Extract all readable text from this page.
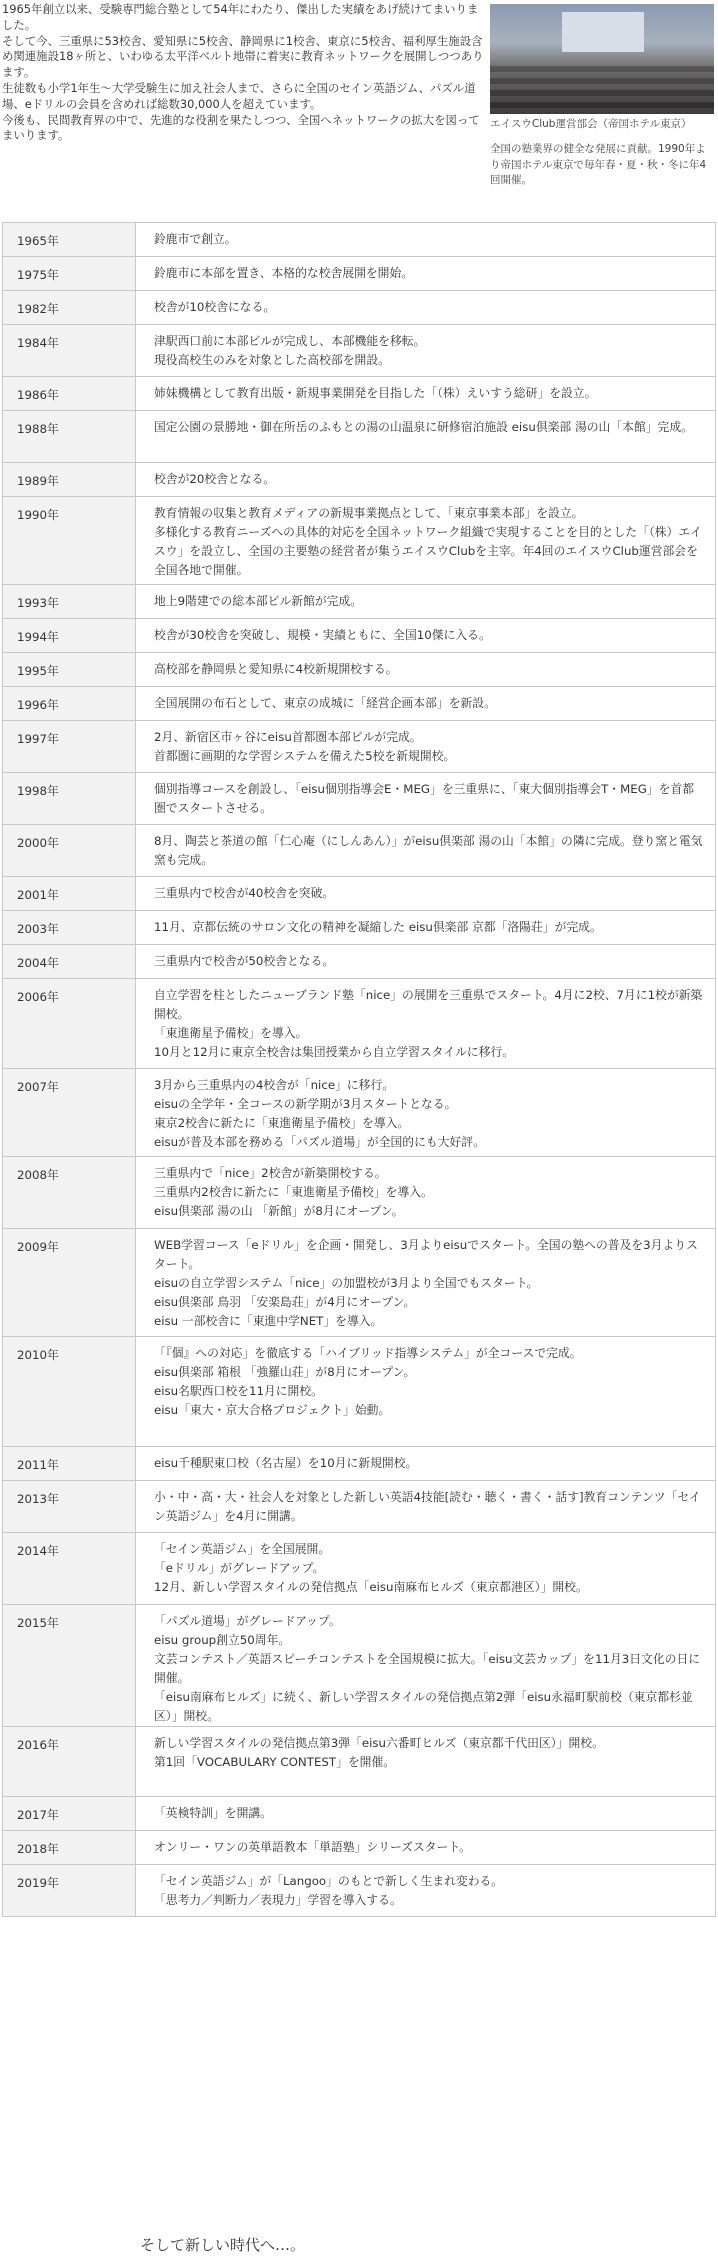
1965年創立以来、受験専門総合塾として54年にわたり、傑出した実績をあげ続けてまいりました。

そして今、三重県に53校舎、愛知県に5校舎、静岡県に1校舎、東京に5校舎、福利厚生施設含め関連施設18ヶ所と、いわゆる太平洋ベルト地帯に着実に教育ネットワークを展開しつつあります。

生徒数も小学1年生～大学受験生に加え社会人まで、さらに全国のセイン英語ジム、パズル道場、eドリルの会員を含めれば総数30,000人を超えています。

今後も、民間教育界の中で、先進的な役割を果たしつつ、全国へネットワークの拡大を図ってまいります。

エイスウClub運営部会（帝国ホテル東京）
全国の塾業界の健全な発展に貢献。1990年より帝国ホテル東京で毎年春・夏・秋・冬に年4回開催。
1965年	鈴鹿市で創立。

1975年	鈴鹿市に本部を置き、本格的な校舎展開を開始。

1982年	校舎が10校舎になる。

1984年	津駅西口前に本部ビルが完成し、本部機能を移転。
現役高校生のみを対象とした高校部を開設。

1986年	姉妹機構として教育出版・新規事業開発を目指した「（株）えいすう総研」を設立。

1988年	国定公園の景勝地・御在所岳のふもとの湯の山温泉に研修宿泊施設 eisu倶楽部 湯の山「本館」完成。

1989年	校舎が20校舎となる。

1990年	教育情報の収集と教育メディアの新規事業拠点として、「東京事業本部」を設立。
多様化する教育ニーズへの具体的対応を全国ネットワーク組織で実現することを目的とした「（株）エイスウ」を設立し、全国の主要塾の経営者が集うエイスウClubを主宰。年4回のエイスウClub運営部会を全国各地で開催。

1993年	地上9階建での総本部ビル新館が完成。

1994年	校舎が30校舎を突破し、規模・実績ともに、全国10傑に入る。

1995年	高校部を静岡県と愛知県に4校新規開校する。

1996年	全国展開の布石として、東京の成城に「経営企画本部」を新設。

1997年	2月、新宿区市ヶ谷にeisu首都圏本部ビルが完成。
首都圏に画期的な学習システムを備えた5校を新規開校。

1998年	個別指導コースを創設し、「eisu個別指導会E・MEG」を三重県に、「東大個別指導会T・MEG」を首都圏でスタートさせる。

2000年	8月、陶芸と茶道の館「仁心庵（にしんあん）」がeisu倶楽部 湯の山「本館」の隣に完成。登り窯と電気窯も完成。

2001年	三重県内で校舎が40校舎を突破。

2003年	11月、京都伝統のサロン文化の精神を凝縮した eisu倶楽部 京都「洛陽荘」が完成。

2004年	三重県内で校舎が50校舎となる。

2006年	自立学習を柱としたニューブランド塾「nice」の展開を三重県でスタート。4月に2校、7月に1校が新築開校。
「東進衛星予備校」を導入。
10月と12月に東京全校舎は集団授業から自立学習スタイルに移行。

2007年	3月から三重県内の4校舎が「nice」に移行。
eisuの全学年・全コースの新学期が3月スタートとなる。
東京2校舎に新たに「東進衛星予備校」を導入。
eisuが普及本部を務める「パズル道場」が全国的にも大好評。

2008年	三重県内で「nice」2校舎が新築開校する。
三重県内2校舎に新たに「東進衛星予備校」を導入。
eisu倶楽部 湯の山 「新館」が8月にオープン。

2009年	WEB学習コース「eドリル」を企画・開発し、3月よりeisuでスタート。全国の塾への普及を3月よりスタート。
eisuの自立学習システム「nice」の加盟校が3月より全国でもスタート。
eisu倶楽部 鳥羽 「安楽島荘」が4月にオープン。
eisu 一部校舎に「東進中学NET」を導入。

2010年	「『個』への対応」を徹底する「ハイブリッド指導システム」が全コースで完成。
eisu倶楽部 箱根 「強羅山荘」が8月にオープン。
eisu名駅西口校を11月に開校。
eisu「東大・京大合格プロジェクト」始動。

2011年	eisu千種駅東口校（名古屋）を10月に新規開校。

2013年	小・中・高・大・社会人を対象とした新しい英語4技能[読む・聴く・書く・話す]教育コンテンツ「セイン英語ジム」を4月に開講。

2014年	「セイン英語ジム」を全国展開。
「eドリル」がグレードアップ。
12月、新しい学習スタイルの発信拠点「eisu南麻布ヒルズ（東京都港区）」開校。

2015年	「パズル道場」がグレードアップ。
eisu group創立50周年。
文芸コンテスト／英語スピーチコンテストを全国規模に拡大。「eisu文芸カップ」を11月3日文化の日に開催。
「eisu南麻布ヒルズ」に続く、新しい学習スタイルの発信拠点第2弾「eisu永福町駅前校（東京都杉並区）」開校。

2016年	新しい学習スタイルの発信拠点第3弾「eisu六番町ヒルズ（東京都千代田区）」開校。
第1回「VOCABULARY CONTEST」を開催。

2017年	「英検特訓」を開講。

2018年	オンリー・ワンの英単語教本「単語塾」シリーズスタート。

2019年	「セイン英語ジム」が「Langoo」のもとで新しく生まれ変わる。
「思考力／判断力／表現力」学習を導入する。
そして新しい時代へ…。
